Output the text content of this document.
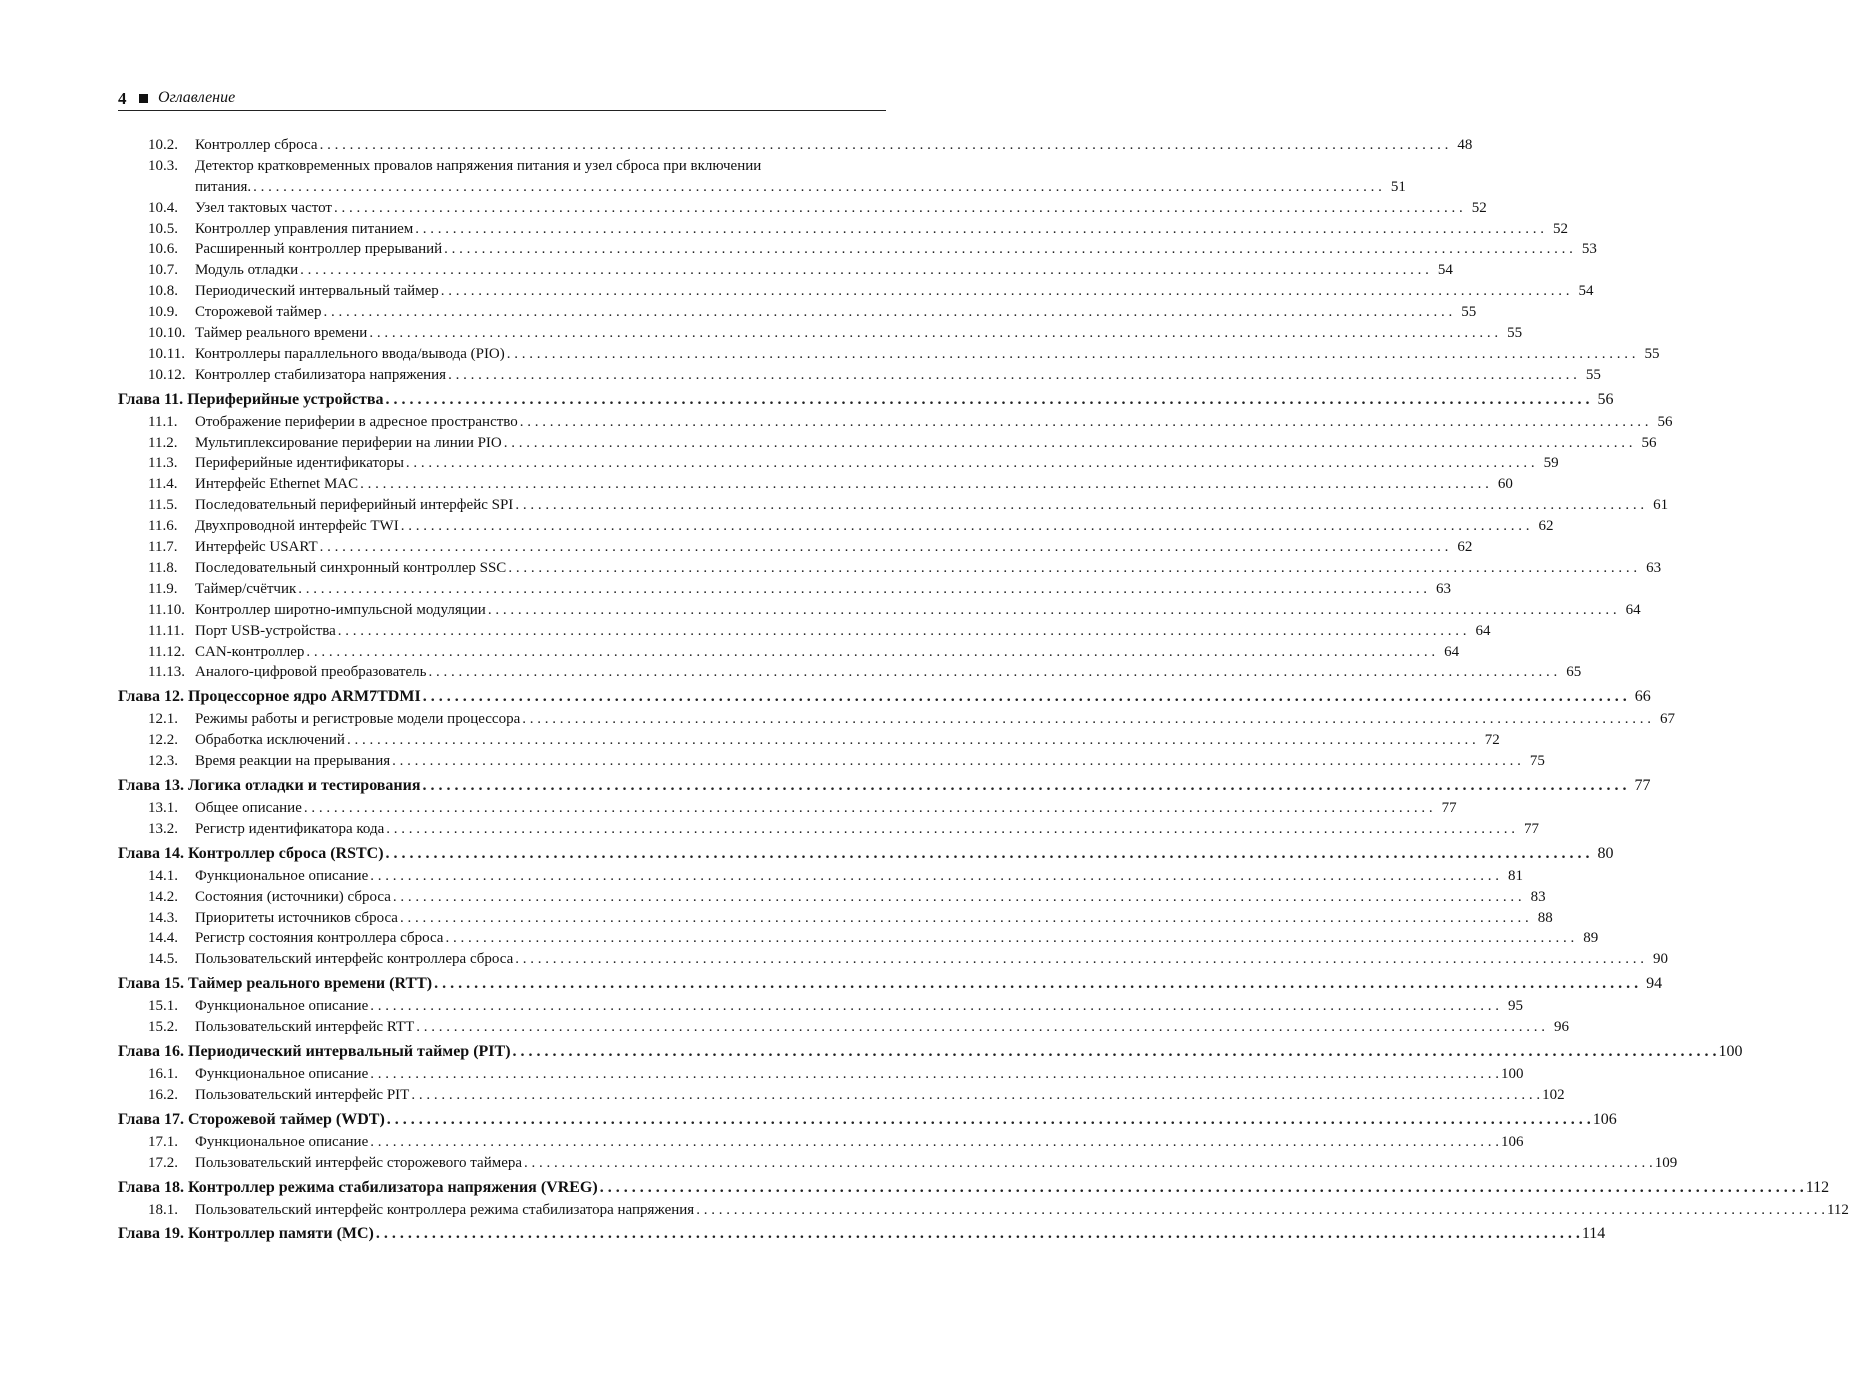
4 Оглавление
10.2.	Контроллер сброса . . .	48
10.3.	Детектор кратковременных провалов напряжения питания и узел сброса при включении
питания. . . .	51
10.4.	Узел тактовых частот . . .	52
10.5.	Контроллер управления питанием . . .	52
10.6.	Расширенный контроллер прерываний . . .	53
10.7.	Модуль отладки . . .	54
10.8.	Периодический интервальный таймер . . .	54
10.9.	Сторожевой таймер . . .	55
10.10. Таймер реального времени . . .	55
10.11. Контроллеры параллельного ввода/вывода (PIO) . . .	55
10.12. Контроллер стабилизатора напряжения . . .	55
Глава 11. Периферийные устройства . . .	56
11.1.	Отображение периферии в адресное пространство . . .	56
11.2.	Мультиплексирование периферии на линии PIO . . .	56
11.3.	Периферийные идентификаторы . . .	59
11.4.	Интерфейс Ethernet MAC . . .	60
11.5.	Последовательный периферийный интерфейс SPI . . .	61
11.6.	Двухпроводной интерфейс TWI . . .	62
11.7.	Интерфейс USART . . .	62
11.8.	Последовательный синхронный контроллер SSC . . .	63
11.9.	Таймер/счётчик . . .	63
11.10. Контроллер широтно-импульсной модуляции . . .	64
11.11. Порт USB-устройства . . .	64
11.12. CAN-контроллер . . .	64
11.13. Аналого-цифровой преобразователь . . .	65
Глава 12. Процессорное ядро ARM7TDMI . . .	66
12.1.	Режимы работы и регистровые модели процессора . . .	67
12.2.	Обработка исключений . . .	72
12.3.	Время реакции на прерывания . . .	75
Глава 13. Логика отладки и тестирования . . .	77
13.1.	Общее описание . . .	77
13.2.	Регистр идентификатора кода . . .	77
Глава 14. Контроллер сброса (RSTC) . . .	80
14.1.	Функциональное описание . . .	81
14.2.	Состояния (источники) сброса . . .	83
14.3.	Приоритеты источников сброса . . .	88
14.4.	Регистр состояния контроллера сброса . . .	89
14.5.	Пользовательский интерфейс контроллера сброса . . .	90
Глава 15. Таймер реального времени (RTT) . . .	94
15.1.	Функциональное описание . . .	95
15.2.	Пользовательский интерфейс RTT . . .	96
Глава 16. Периодический интервальный таймер (PIT) . . .	100
16.1.	Функциональное описание . . .	100
16.2.	Пользовательский интерфейс PIT . . .	102
Глава 17. Сторожевой таймер (WDT) . . .	106
17.1.	Функциональное описание . . .	106
17.2.	Пользовательский интерфейс сторожевого таймера . . .	109
Глава 18. Контроллер режима стабилизатора напряжения (VREG) . . .	112
18.1.	Пользовательский интерфейс контроллера режима стабилизатора напряжения . . .	112
Глава 19. Контроллер памяти (MC) . . .	114
